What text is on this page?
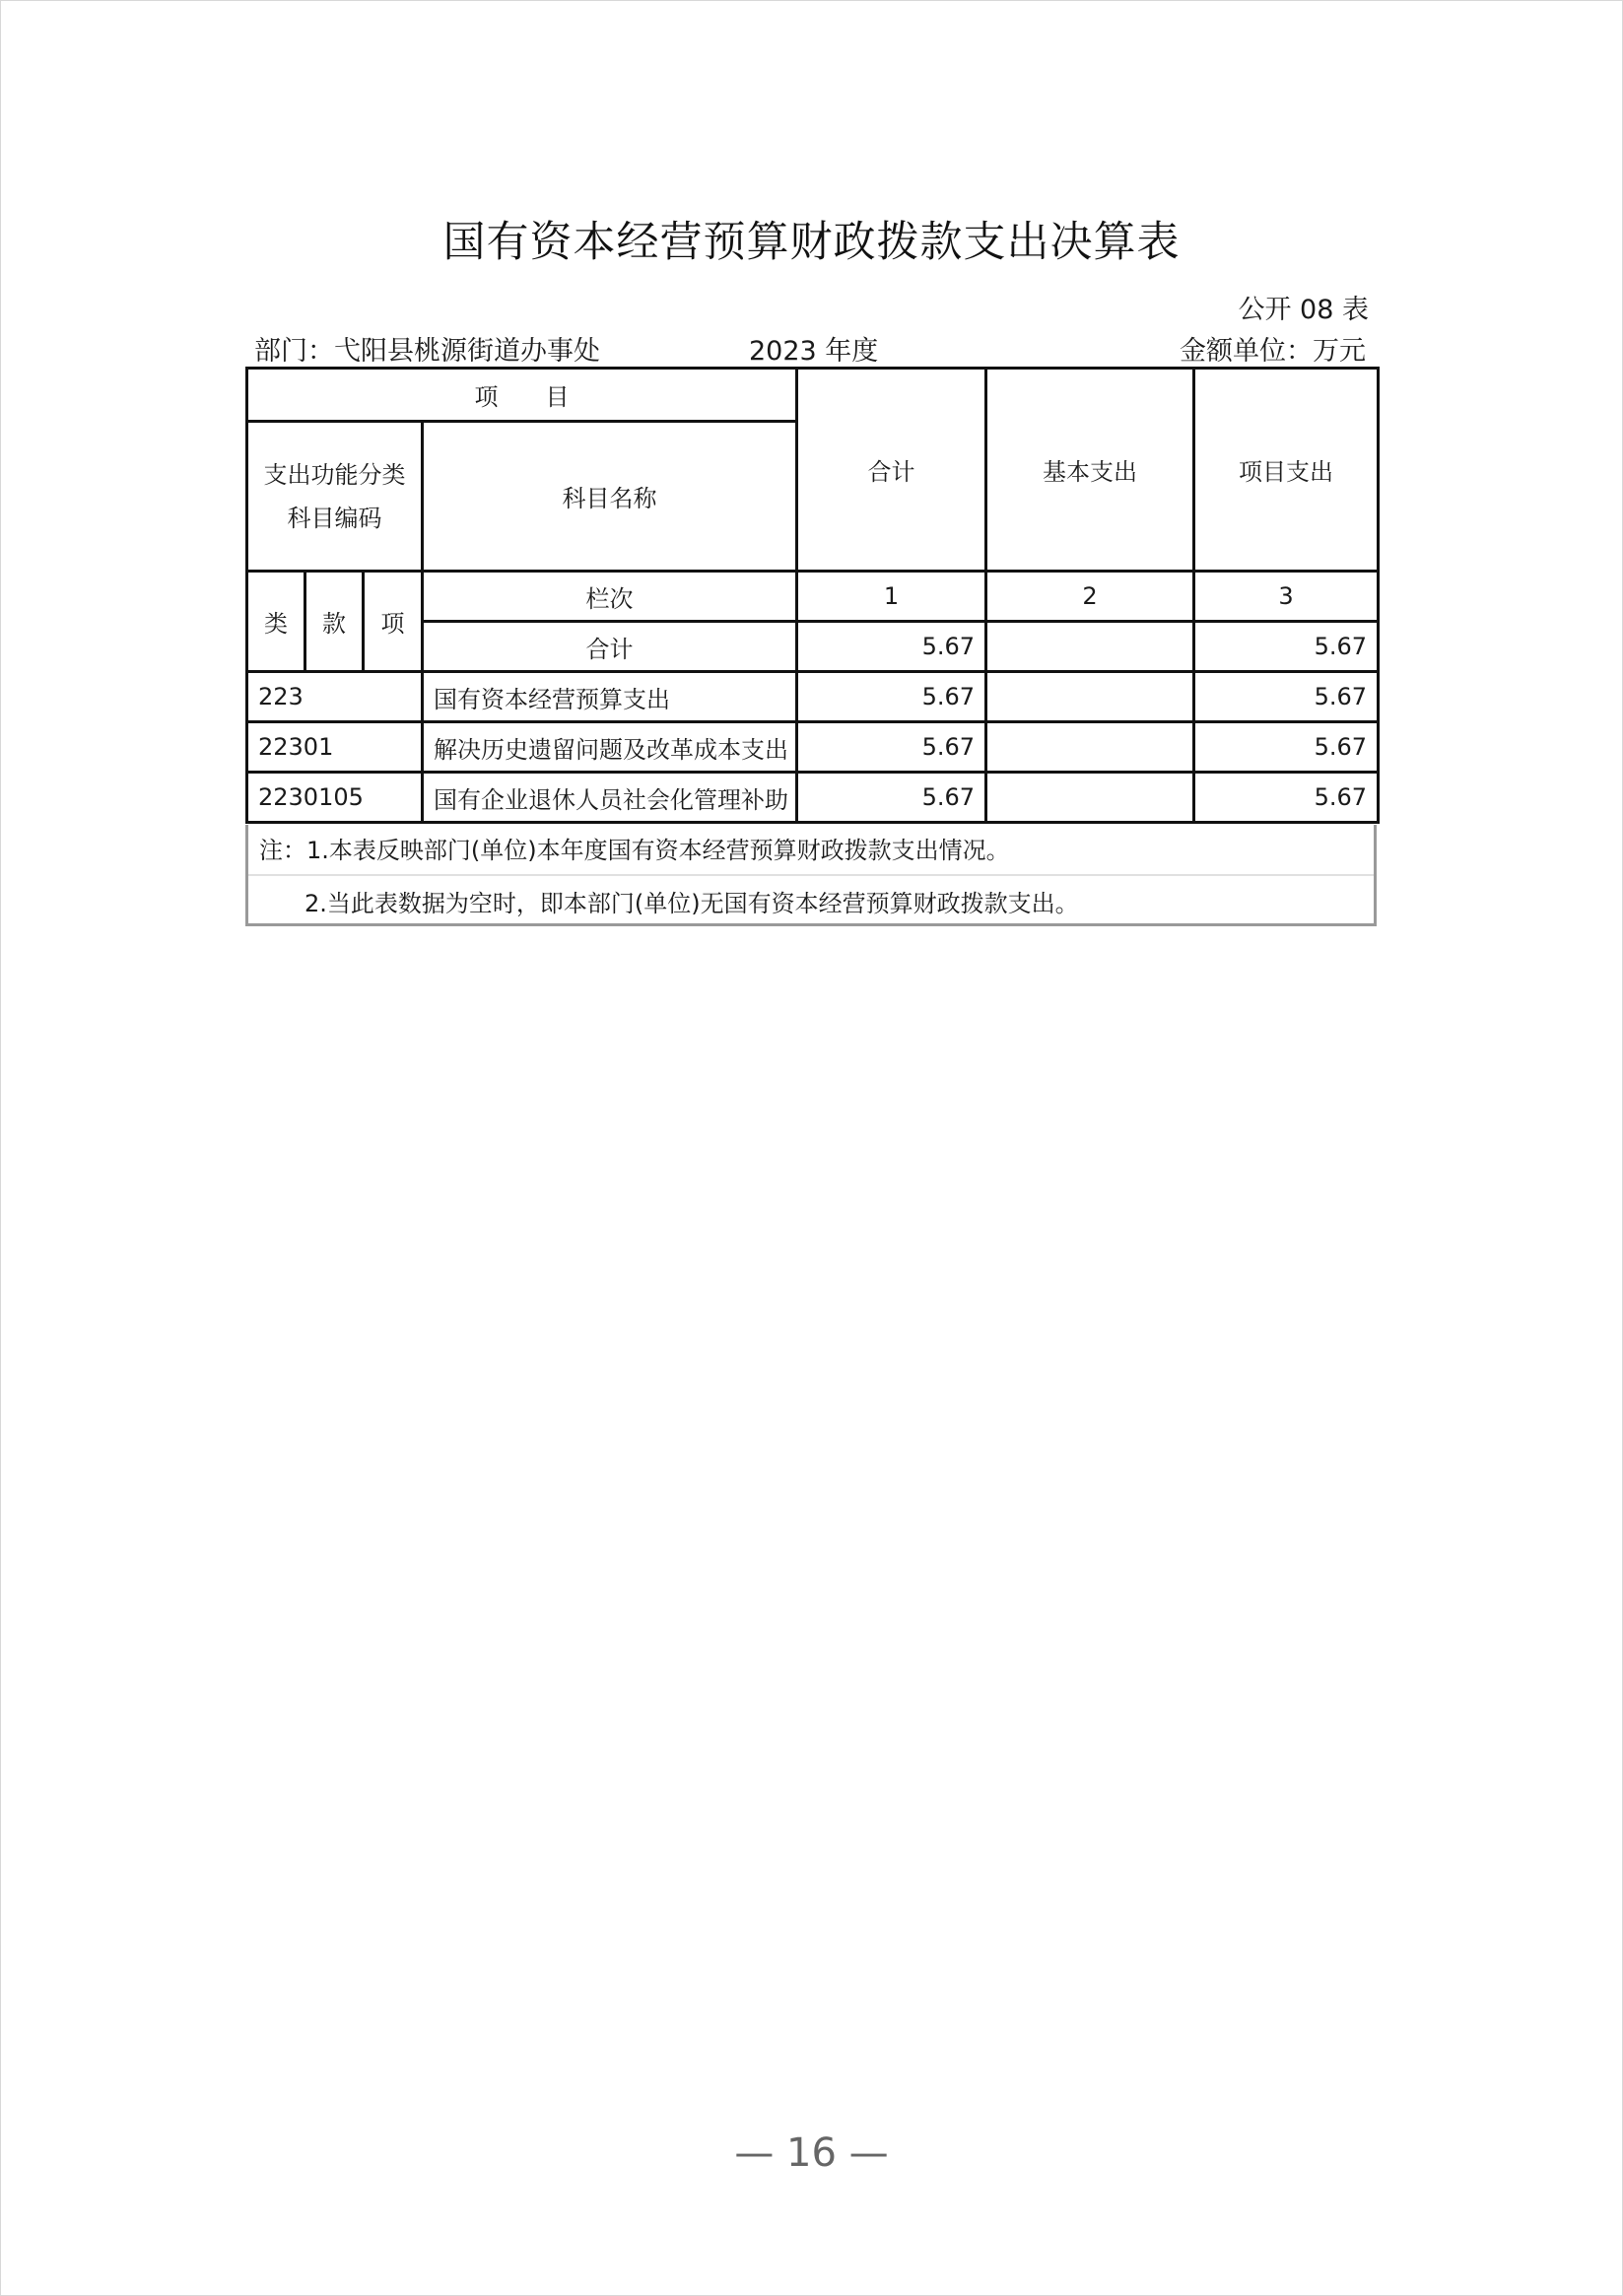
国有资本经营预算财政拨款支出决算表
公开 08 表
部门：弋阳县桃源街道办事处	2023 年度	金额单位：万元
项　　目				合计	基本支出	项目支出
支出功能分类科目编码			科目名称			
类	款	项	栏次	1	2	3
			合计	5.67		5.67
223			国有资本经营预算支出	5.67		5.67
22301			解决历史遗留问题及改革成本支出	5.67		5.67
2230105			国有企业退休人员社会化管理补助	5.67		5.67
注：1.本表反映部门(单位)本年度国有资本经营预算财政拨款支出情况。
2.当此表数据为空时，即本部门(单位)无国有资本经营预算财政拨款支出。
— 16 —
